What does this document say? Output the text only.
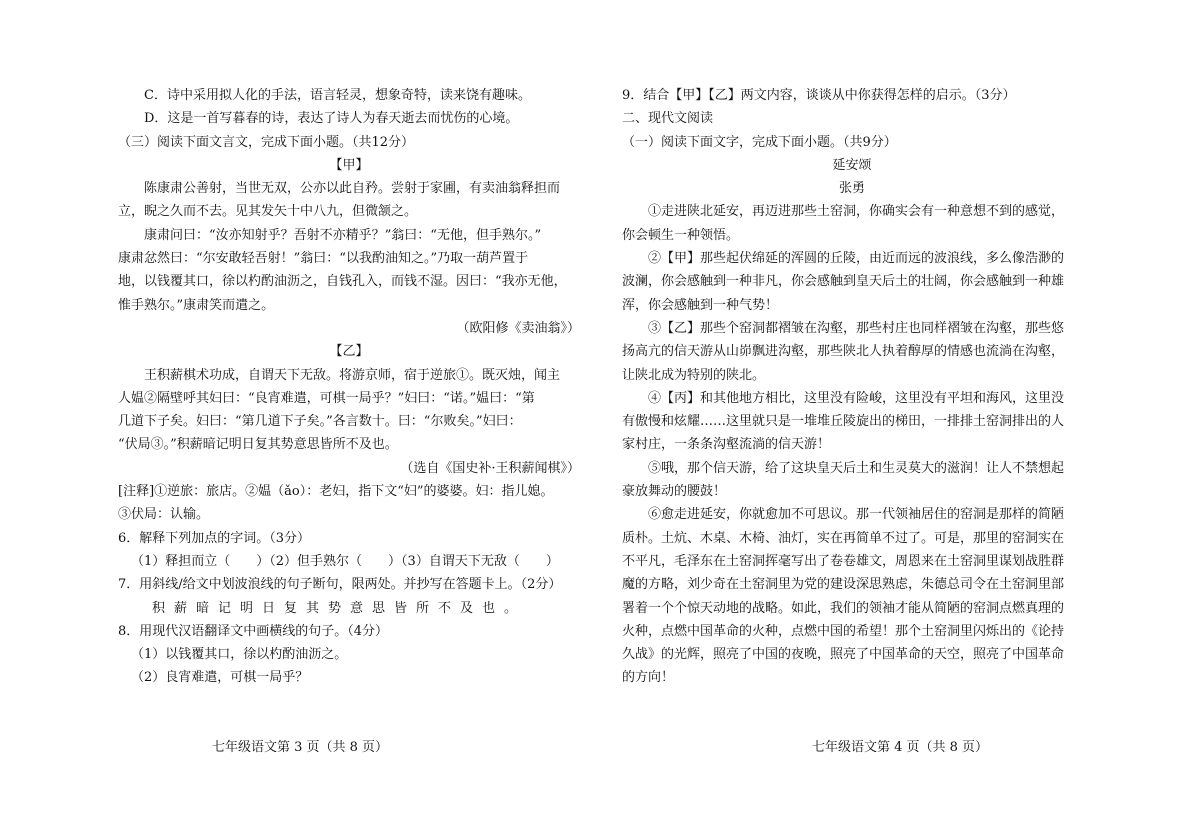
C．诗中采用拟人化的手法，语言轻灵，想象奇特，读来饶有趣味。
D．这是一首写暮春的诗，表达了诗人为春天逝去而忧伤的心境。
（三）阅读下面文言文，完成下面小题。（共12分）
【甲】
陈康肃公善射，当世无双，公亦以此自矜。尝射于家圃，有卖油翁释担而
立，睨之久而不去。见其发矢十中八九，但微颔之。
康肃问曰：“汝亦知射乎？吾射不亦精乎？”翁曰：“无他，但手熟尔。”
康肃忿然曰：“尔安敢轻吾射！”翁曰：“以我酌油知之。”乃取一葫芦置于
地，以钱覆其口，徐以杓酌油沥之，自钱孔入，而钱不湿。因曰：“我亦无他，
惟手熟尔。”康肃笑而遣之。
（欧阳修《卖油翁》）
【乙】
王积薪棋术功成，自谓天下无敌。将游京师，宿于逆旅①。既灭烛，闻主
人媪②隔壁呼其妇曰：“良宵难遣，可棋一局乎？”妇曰：“诺。”媪曰：“第
几道下子矣。妇曰：“第几道下子矣。”各言数十。曰：“尔败矣。”妇曰：
“伏局③。”积薪暗记明日复其势意思皆所不及也。
（选自《国史补·王积薪闻棋》）
[注释]①逆旅：旅店。②媪（ǎo）：老妇，指下文“妇”的婆婆。妇：指儿媳。
③伏局：认输。
6．解释下列加点的字词。（3分）
（1）释担而立（　　）（2）但手熟尔（　　）（3）自谓天下无敌（　　）
7．用斜线/给文中划波浪线的句子断句，限两处。并抄写在答题卡上。（2分）
积薪暗记明日复其势意思皆所不及也。
8．用现代汉语翻译文中画横线的句子。（4分）
（1）以钱覆其口，徐以杓酌油沥之。
（2）良宵难遣，可棋一局乎？
七年级语文第 3 页（共 8 页）
9．结合【甲】【乙】两文内容，谈谈从中你获得怎样的启示。（3分）
二、现代文阅读
（一）阅读下面文字，完成下面小题。（共9分）
延安颂
张勇
①走进陕北延安，再迈进那些土窑洞，你确实会有一种意想不到的感觉，
你会顿生一种领悟。
②【甲】那些起伏绵延的浑圆的丘陵，由近而远的波浪线，多么像浩渺的
波澜，你会感触到一种非凡，你会感触到皇天后土的壮阔，你会感触到一种雄
浑，你会感触到一种气势！
③【乙】那些个窑洞都褶皱在沟壑，那些村庄也同样褶皱在沟壑，那些悠
扬高亢的信天游从山峁飘进沟壑，那些陕北人执着醇厚的情感也流淌在沟壑，
让陕北成为特别的陕北。
④【丙】和其他地方相比，这里没有险峻，这里没有平坦和海风，这里没
有傲慢和炫耀……这里就只是一堆堆丘陵旋出的梯田，一排排土窑洞排出的人
家村庄，一条条沟壑流淌的信天游！
⑤哦，那个信天游，给了这块皇天后土和生灵莫大的滋润！让人不禁想起
豪放舞动的腰鼓！
⑥愈走进延安，你就愈加不可思议。那一代领袖居住的窑洞是那样的简陋
质朴。土炕、木桌、木椅、油灯，实在再简单不过了。可是，那里的窑洞实在
不平凡，毛泽东在土窑洞挥毫写出了卷卷雄文，周恩来在土窑洞里谋划战胜群
魔的方略，刘少奇在土窑洞里为党的建设深思熟虑，朱德总司令在土窑洞里部
署着一个个惊天动地的战略。如此，我们的领袖才能从简陋的窑洞点燃真理的
火种，点燃中国革命的火种，点燃中国的希望！那个土窑洞里闪烁出的《论持
久战》的光辉，照亮了中国的夜晚，照亮了中国革命的天空，照亮了中国革命
的方向！
七年级语文第 4 页（共 8 页）
